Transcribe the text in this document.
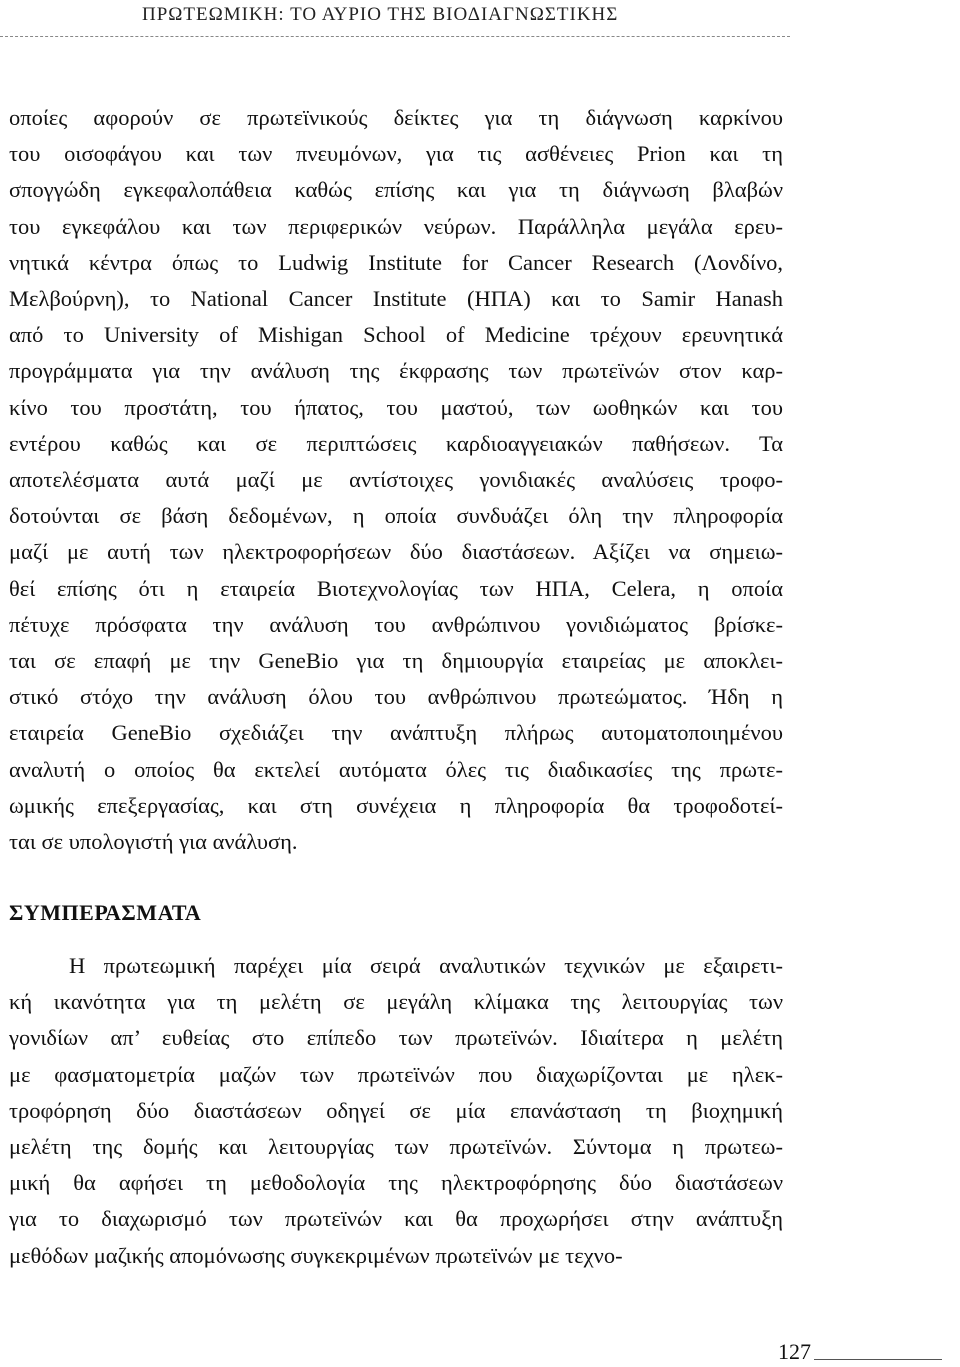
ΠΡΩΤΕΩΜΙΚΗ: ΤΟ ΑΥΡΙΟ ΤΗΣ ΒΙΟΔΙΑΓΝΩΣΤΙΚΗΣ
οποίες αφορούν σε πρωτεϊνικούς δείκτες για τη διάγνωση καρκίνου
του οισοφάγου και των πνευμόνων, για τις ασθένειες Prion και τη
σπογγώδη εγκεφαλοπάθεια καθώς επίσης και για τη διάγνωση βλαβών
του εγκεφάλου και των περιφερικών νεύρων. Παράλληλα μεγάλα ερευ-
νητικά κέντρα όπως το Ludwig Institute for Cancer Research (Λονδίνο,
Μελβούρνη), το National Cancer Institute (ΗΠΑ) και το Samir Hanash
από το University of Mishigan School of Medicine τρέχουν ερευνητικά
προγράμματα για την ανάλυση της έκφρασης των πρωτεϊνών στον καρ-
κίνο του προστάτη, του ήπατος, του μαστού, των ωοθηκών και του
εντέρου καθώς και σε περιπτώσεις καρδιοαγγειακών παθήσεων. Τα
αποτελέσματα αυτά μαζί με αντίστοιχες γονιδιακές αναλύσεις τροφο-
δοτούνται σε βάση δεδομένων, η οποία συνδυάζει όλη την πληροφορία
μαζί με αυτή των ηλεκτροφορήσεων δύο διαστάσεων. Αξίζει να σημειω-
θεί επίσης ότι η εταιρεία Βιοτεχνολογίας των ΗΠΑ, Celera, η οποία
πέτυχε πρόσφατα την ανάλυση του ανθρώπινου γονιδιώματος βρίσκε-
ται σε επαφή με την GeneBio για τη δημιουργία εταιρείας με αποκλει-
στικό στόχο την ανάλυση όλου του ανθρώπινου πρωτεώματος. Ήδη η
εταιρεία GeneBio σχεδιάζει την ανάπτυξη πλήρως αυτοματοποιημένου
αναλυτή ο οποίος θα εκτελεί αυτόματα όλες τις διαδικασίες της πρωτε-
ωμικής επεξεργασίας, και στη συνέχεια η πληροφορία θα τροφοδοτεί-
ται σε υπολογιστή για ανάλυση.
ΣΥΜΠΕΡΑΣΜΑΤΑ
Η πρωτεωμική παρέχει μία σειρά αναλυτικών τεχνικών με εξαιρετι-
κή ικανότητα για τη μελέτη σε μεγάλη κλίμακα της λειτουργίας των
γονιδίων απ’ ευθείας στο επίπεδο των πρωτεϊνών. Ιδιαίτερα η μελέτη
με φασματομετρία μαζών των πρωτεϊνών που διαχωρίζονται με ηλεκ-
τροφόρηση δύο διαστάσεων οδηγεί σε μία επανάσταση τη βιοχημική
μελέτη της δομής και λειτουργίας των πρωτεϊνών. Σύντομα η πρωτεω-
μική θα αφήσει τη μεθοδολογία της ηλεκτροφόρησης δύο διαστάσεων
για το διαχωρισμό των πρωτεϊνών και θα προχωρήσει στην ανάπτυξη
μεθόδων μαζικής απομόνωσης συγκεκριμένων πρωτεϊνών με τεχνο-
127
